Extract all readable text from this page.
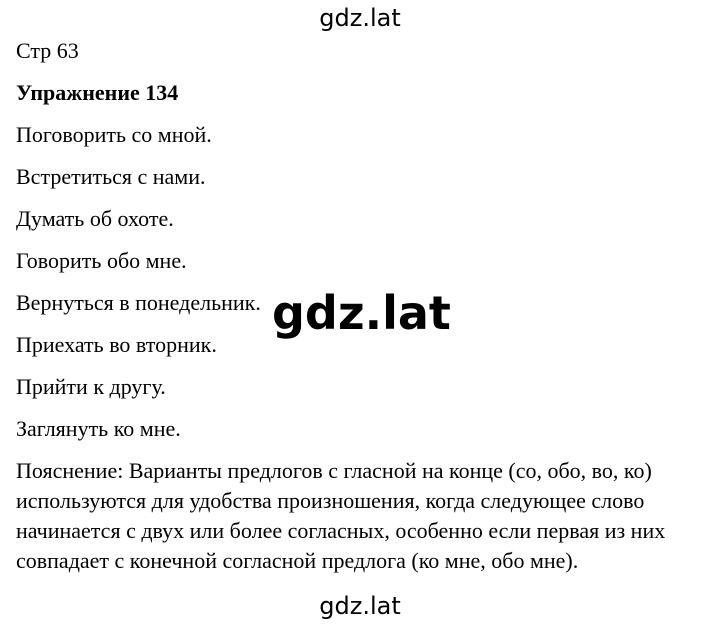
gdz.lat

Стр 63

Упражнение 134

Поговорить со мной.

Встретиться с нами.

Думать об охоте.

Говорить обо мне.

Вернуться в понедельник.

Приехать во вторник.

Прийти к другу.

Заглянуть ко мне.

Пояснение: Варианты предлогов с гласной на конце (со, обо, во, ко) используются для удобства произношения, когда следующее слово начинается с двух или более согласных, особенно если первая из них совпадает с конечной согласной предлога (ко мне, обо мне).

gdz.lat
gdz.lat
